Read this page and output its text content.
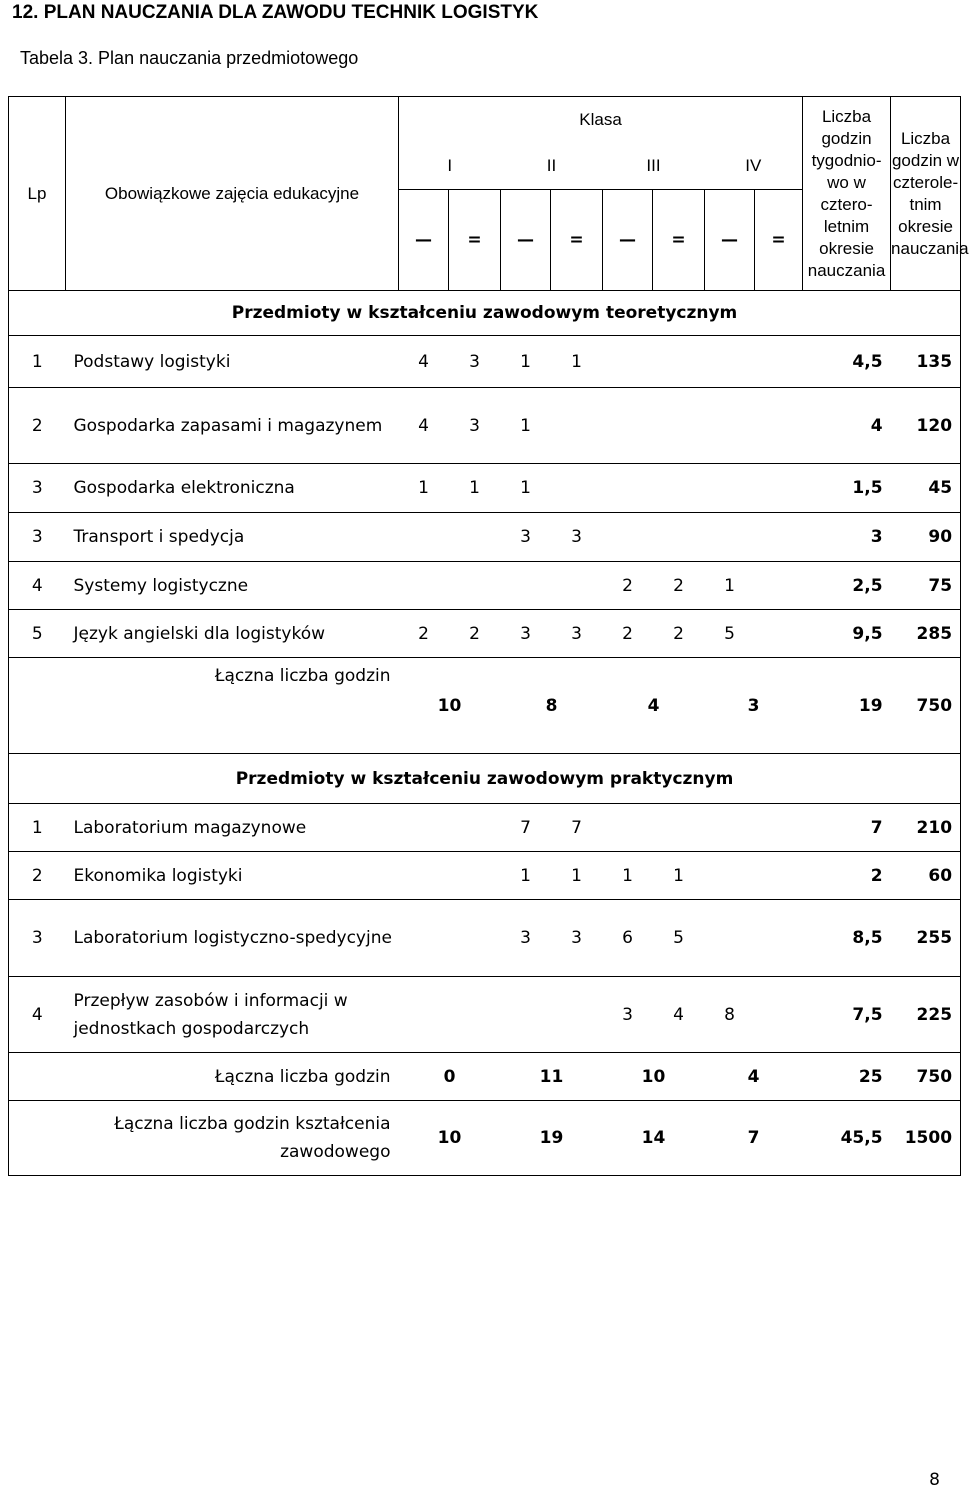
12. PLAN NAUCZANIA DLA ZAWODU TECHNIK LOGISTYK
Tabela 3. Plan nauczania przedmiotowego
Lp	Obowiązkowe zajęcia edukacyjne	Klasa								Liczba godzin tygodnio-wo w cztero-letnim okresie nauczania	Liczba godzin w czterole-tnim okresie nauczania
		I		II		III		IV			
		—	=	—	=	—	=	—	=		
Przedmioty w kształceniu zawodowym teoretycznym											
1	Podstawy logistyki	4	3	1	1					4,5	135
2	Gospodarka zapasami i magazynem	4	3	1						4	120
3	Gospodarka elektroniczna	1	1	1						1,5	45
3	Transport i spedycja			3	3					3	90
4	Systemy logistyczne					2	2	1		2,5	75
5	Język angielski dla logistyków	2	2	3	3	2	2	5		9,5	285
Łączna liczba godzin		10		8		4		3		19	750
Przedmioty w kształceniu zawodowym praktycznym											
1	Laboratorium magazynowe			7	7					7	210
2	Ekonomika logistyki			1	1	1	1			2	60
3	Laboratorium logistyczno-spedycyjne			3	3	6	5			8,5	255
4	Przepływ zasobów i informacji w jednostkach gospodarczych					3	4	8		7,5	225
Łączna liczba godzin		0		11		10		4		25	750
Łączna liczba godzin kształcenia zawodowego		10		19		14		7		45,5	1500
8
